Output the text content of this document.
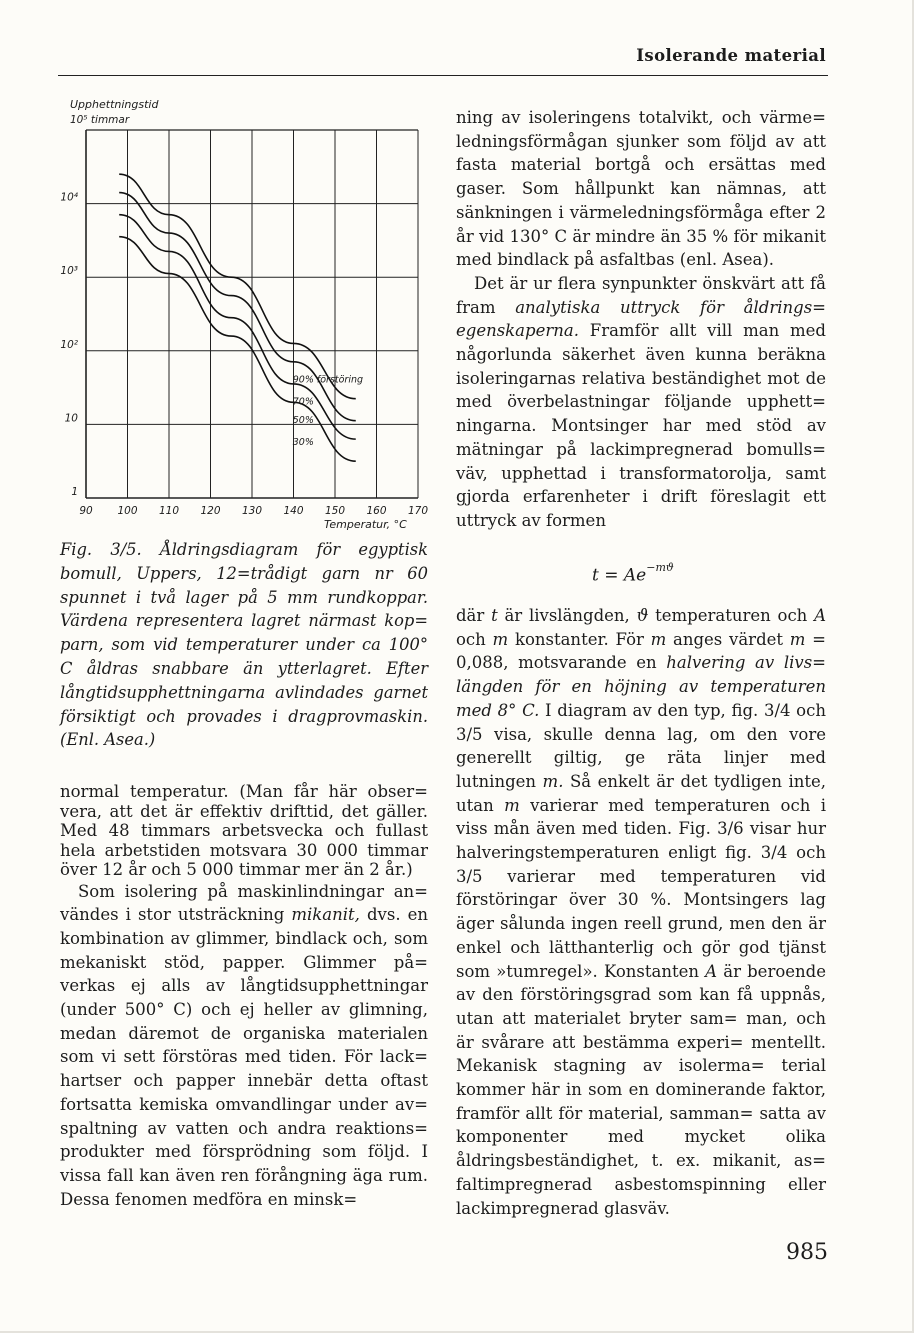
Isolerande material
Upphettningstid
10⁵ timmar
1
10
10²
10³
10⁴
90 100 110 120 130 140 150 160 170
90% förstöring
70%
50%
30%
Temperatur, °C

Fig. 3/5. Åldringsdiagram för egyptisk bomull, Uppers, 12=trådigt garn nr 60 spunnet i två lager på 5 mm rundkoppar. Värdena representera lagret närmast kop= parn, som vid temperaturer under ca 100° C åldras snabbare än ytterlagret. Efter långtidsupphettningarna avlindades garnet försiktigt och provades i dragprovmaskin. (Enl. Asea.)

normal temperatur. (Man får här obser= vera, att det är effektiv drifttid, det gäller. Med 48 timmars arbetsvecka och fullast hela arbetstiden motsvara 30 000 timmar över 12 år och 5 000 timmar mer än 2 år.)

Som isolering på maskinlindningar an= vändes i stor utsträckning mikanit, dvs. en kombination av glimmer, bindlack och, som mekaniskt stöd, papper. Glimmer på= verkas ej alls av långtidsupphettningar (under 500° C) och ej heller av glimning, medan däremot de organiska materialen som vi sett förstöras med tiden. För lack= hartser och papper innebär detta oftast fortsatta kemiska omvandlingar under av= spaltning av vatten och andra reaktions= produkter med försprödning som följd. I vissa fall kan även ren förångning äga rum. Dessa fenomen medföra en minsk=

ning av isoleringens totalvikt, och värme= ledningsförmågan sjunker som följd av att fasta material bortgå och ersättas med gaser. Som hållpunkt kan nämnas, att sänkningen i värmeledningsförmåga efter 2 år vid 130° C är mindre än 35 % för mikanit med bindlack på asfaltbas (enl. Asea).

Det är ur flera synpunkter önskvärt att få fram analytiska uttryck för åldrings= egenskaperna. Framför allt vill man med någorlunda säkerhet även kunna beräkna isoleringarnas relativa beständighet mot de med överbelastningar följande upphett= ningarna. Montsinger har med stöd av mätningar på lackimpregnerad bomulls= väv, upphettad i transformatorolja, samt gjorda erfarenheter i drift föreslagit ett uttryck av formen

$t = Ae^{-mϑ}$

där t är livslängden, ϑ temperaturen och A och m konstanter. För m anges värdet m = 0,088, motsvarande en halvering av livs= längden för en höjning av temperaturen med 8° C. I diagram av den typ, fig. 3/4 och 3/5 visa, skulle denna lag, om den vore generellt giltig, ge räta linjer med lutningen m. Så enkelt är det tydligen inte, utan m varierar med temperaturen och i viss mån även med tiden. Fig. 3/6 visar hur halveringstemperaturen enligt fig. 3/4 och 3/5 varierar med temperaturen vid förstöringar över 30 %. Montsingers lag äger sålunda ingen reell grund, men den är enkel och lätthanterlig och gör god tjänst som »tumregel». Konstanten A är beroende av den förstöringsgrad som kan få uppnås, utan att materialet bryter sam= man, och är svårare att bestämma experi= mentellt. Mekanisk stagning av isolerma= terial kommer här in som en dominerande faktor, framför allt för material, samman= satta av komponenter med mycket olika åldringsbeständighet, t. ex. mikanit, as= faltimpregnerad asbestomspinning eller lackimpregnerad glasväv.

985
